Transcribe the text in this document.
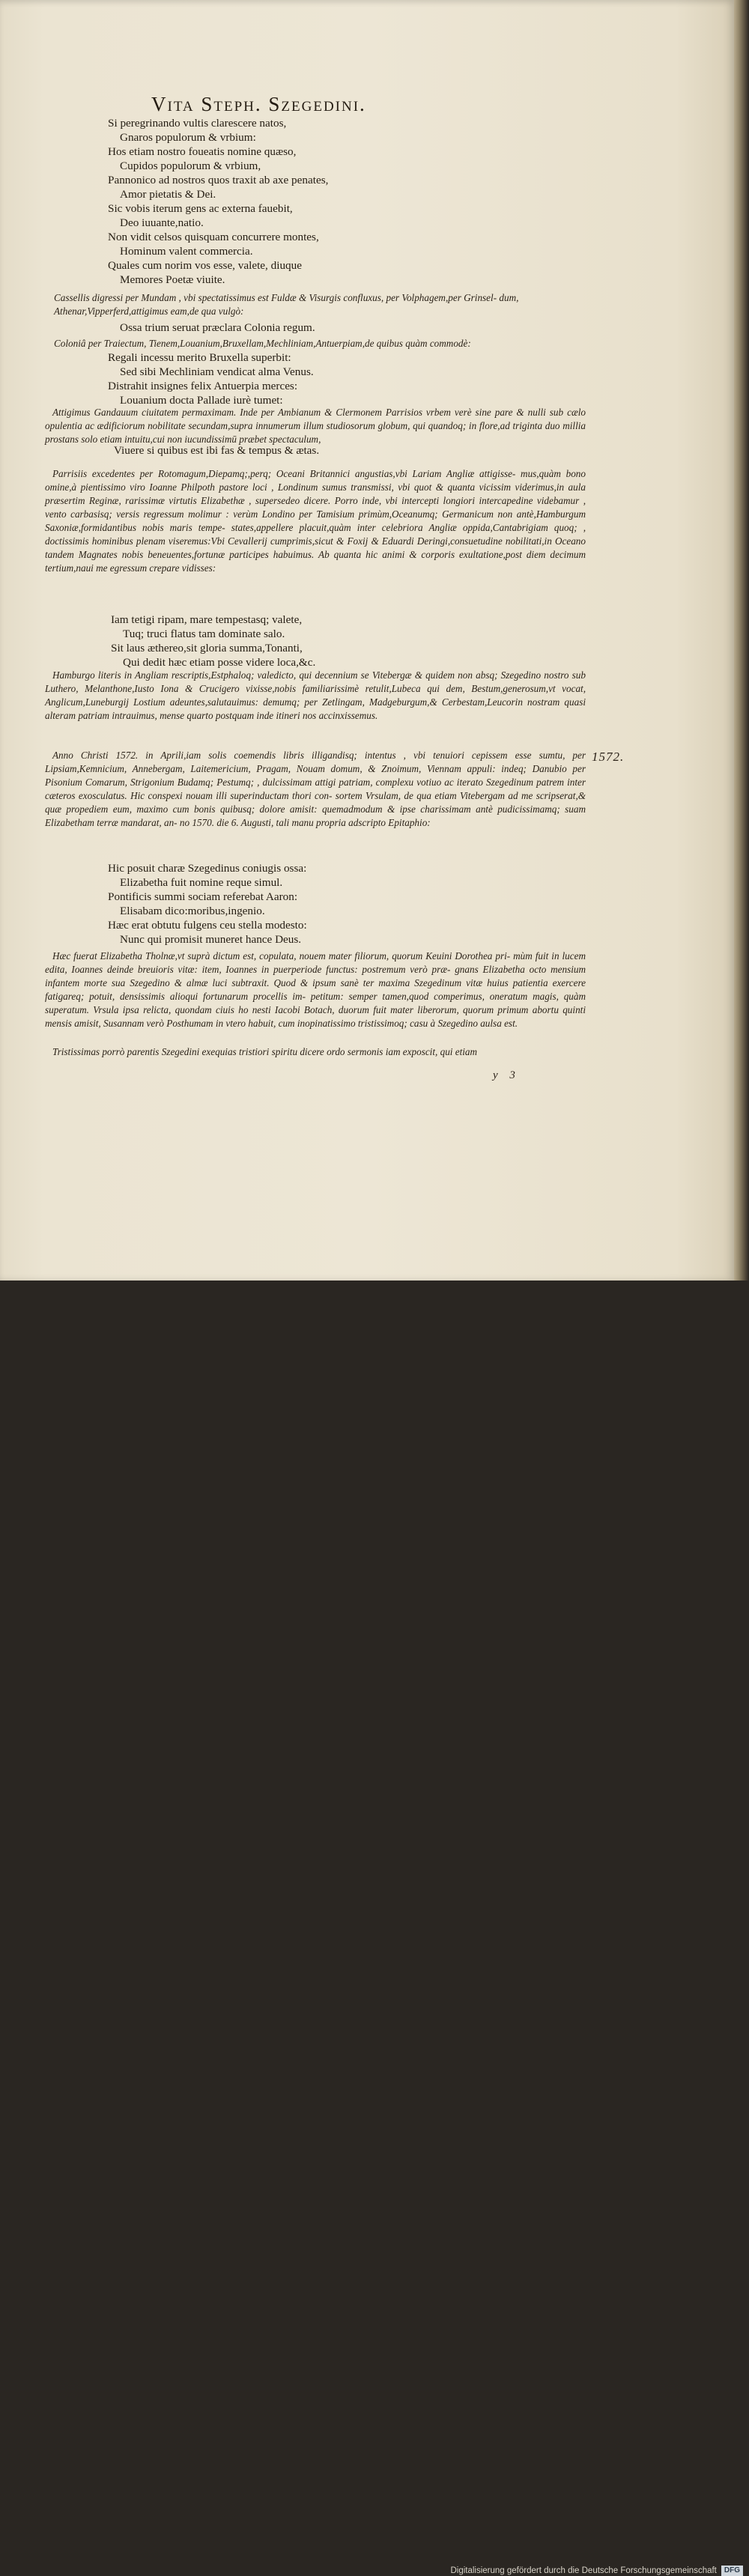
Vita Steph. Szegedini.
Si peregrinando vultis clarescere natos,
Gnaros populorum & vrbium:
Hos etiam nostro foueatis nomine quæso,
Cupidos populorum & vrbium,
Pannonico ad nostros quos traxit ab axe penates,
Amor pietatis & Dei.
Sic vobis iterum gens ac externa fauebit,
Deo iuuante,natio.
Non vidit celsos quisquam concurrere montes,
Hominum valent commercia.
Quales cum norim vos esse, valete, diuque
Memores Poetæ viuite.
Cassellis digressi per Mundam , vbi spectatissimus est Fuldæ & Visurgis confluxus, per Volphagem,per Grinsel- dum, Athenar,Vipperferd,attigimus eam,de qua vulgò:
Ossa trium seruat præclara Colonia regum.
Coloniâ per Traiectum, Tienem,Louanium,Bruxellam,Mechliniam,Antuerpiam,de quibus quàm commodè:
Regali incessu merito Bruxella superbit:
Sed sibi Mechliniam vendicat alma Venus.
Distrahit insignes felix Antuerpia merces:
Louanium docta Pallade iurè tumet:

Attigimus Gandauum ciuitatem permaximam. Inde per Ambianum & Clermonem Parrisios vrbem verè sine pare & nulli sub cælo opulentia ac ædificiorum nobilitate secundam,supra innumerum illum studiosorum globum, qui quandoq; in flore,ad triginta duo millia prostans solo etiam intuitu,cui non iucundissimū præbet spectaculum,

Viuere si quibus est ibi fas & tempus & ætas.

Parrisiis excedentes per Rotomagum,Diepamq;,perq; Oceani Britannici angustias,vbi Lariam Angliæ attigisse- mus,quàm bono omine,à pientissimo viro Ioanne Philpoth pastore loci , Londinum sumus transmissi, vbi quot & quanta vicissim viderimus,in aula præsertim Reginæ, rarissimæ virtutis Elizabethæ , supersedeo dicere. Porro inde, vbi intercepti longiori intercapedine videbamur , vento carbasisq; versis regressum molimur : verùm Londino per Tamisium primùm,Oceanumq; Germanicum non antè,Hamburgum Saxoniæ,formidantibus nobis maris tempe- states,appellere placuit,quàm inter celebriora Angliæ oppida,Cantabrigiam quoq; , doctissimis hominibus plenam viseremus:Vbi Cevallerij cumprimis,sicut & Foxij & Eduardi Deringi,consuetudine nobilitati,in Oceano tandem Magnates nobis beneuentes,fortunæ participes habuimus. Ab quanta hic animi & corporis exultatione,post diem decimum tertium,naui me egressum crepare vidisses:

Iam tetigi ripam, mare tempestasq; valete,
Tuq; truci flatus tam dominate salo.
Sit laus æthereo,sit gloria summa,Tonanti,
Qui dedit hæc etiam posse videre loca,&c.

Hamburgo literis in Angliam rescriptis,Estphaloq; valedicto, qui decennium se Vitebergæ & quidem non absq; Szegedino nostro sub Luthero, Melanthone,Iusto Iona & Crucigero vixisse,nobis familiarissimè retulit,Lubeca qui dem, Bestum,generosum,vt vocat, Anglicum,Luneburgij Lostium adeuntes,salutauimus: demumq; per Zetlingam, Madgeburgum,& Cerbestam,Leucorin nostram quasi alteram patriam intrauimus, mense quarto postquam inde itineri nos accinxissemus.

Anno Christi 1572. in Aprili,iam solis coemendis libris illigandisq; intentus , vbi tenuiori cepissem esse sumtu, per Lipsiam,Kemnicium, Annebergam, Laitemericium, Pragam, Nouam domum, & Znoimum, Viennam appuli: indeq; Danubio per Pisonium Comarum, Strigonium Budamq; Pestumq; , dulcissimam attigi patriam, complexu votiuo ac iterato Szegedinum patrem inter cæteros exosculatus. Hic conspexi nouam illi superinductam thori con- sortem Vrsulam, de qua etiam Vitebergam ad me scripserat,& quæ propediem eum, maximo cum bonis quibusq; dolore amisit: quemadmodum & ipse charissimam antè pudicissimamq; suam Elizabetham terræ mandarat, an- no 1570. die 6. Augusti, tali manu propria adscripto Epitaphio:

1572.
Hic posuit charæ Szegedinus coniugis ossa:
Elizabetha fuit nomine reque simul.
Pontificis summi sociam referebat Aaron:
Elisabam dico:moribus,ingenio.
Hæc erat obtutu fulgens ceu stella modesto:
Nunc qui promisit muneret hance Deus.

Hæc fuerat Elizabetha Tholnæ,vt suprà dictum est, copulata, nouem mater filiorum, quorum Keuini Dorothea pri- mùm fuit in lucem edita, Ioannes deinde breuioris vitæ: item, Ioannes in puerperiode functus: postremum verò præ- gnans Elizabetha octo mensium infantem morte sua Szegedino & almæ luci subtraxit. Quod & ipsum sanè ter maxima Szegedinum vitæ huius patientia exercere fatigareq; potuit, densissimis alioqui fortunarum procellis im- petitum: semper tamen,quod comperimus, oneratum magis, quàm superatum. Vrsula ipsa relicta, quondam ciuis ho nesti Iacobi Botach, duorum fuit mater liberorum, quorum primum abortu quinti mensis amisit, Susannam verò Posthumam in vtero habuit, cum inopinatissimo tristissimoq; casu à Szegedino aulsa est.

Tristissimas porrò parentis Szegedini exequias tristiori spiritu dicere ordo sermonis iam exposcit, qui etiam

y 3
Digitalisierung gefördert durch die Deutsche Forschungsgemeinschaft	DFG
